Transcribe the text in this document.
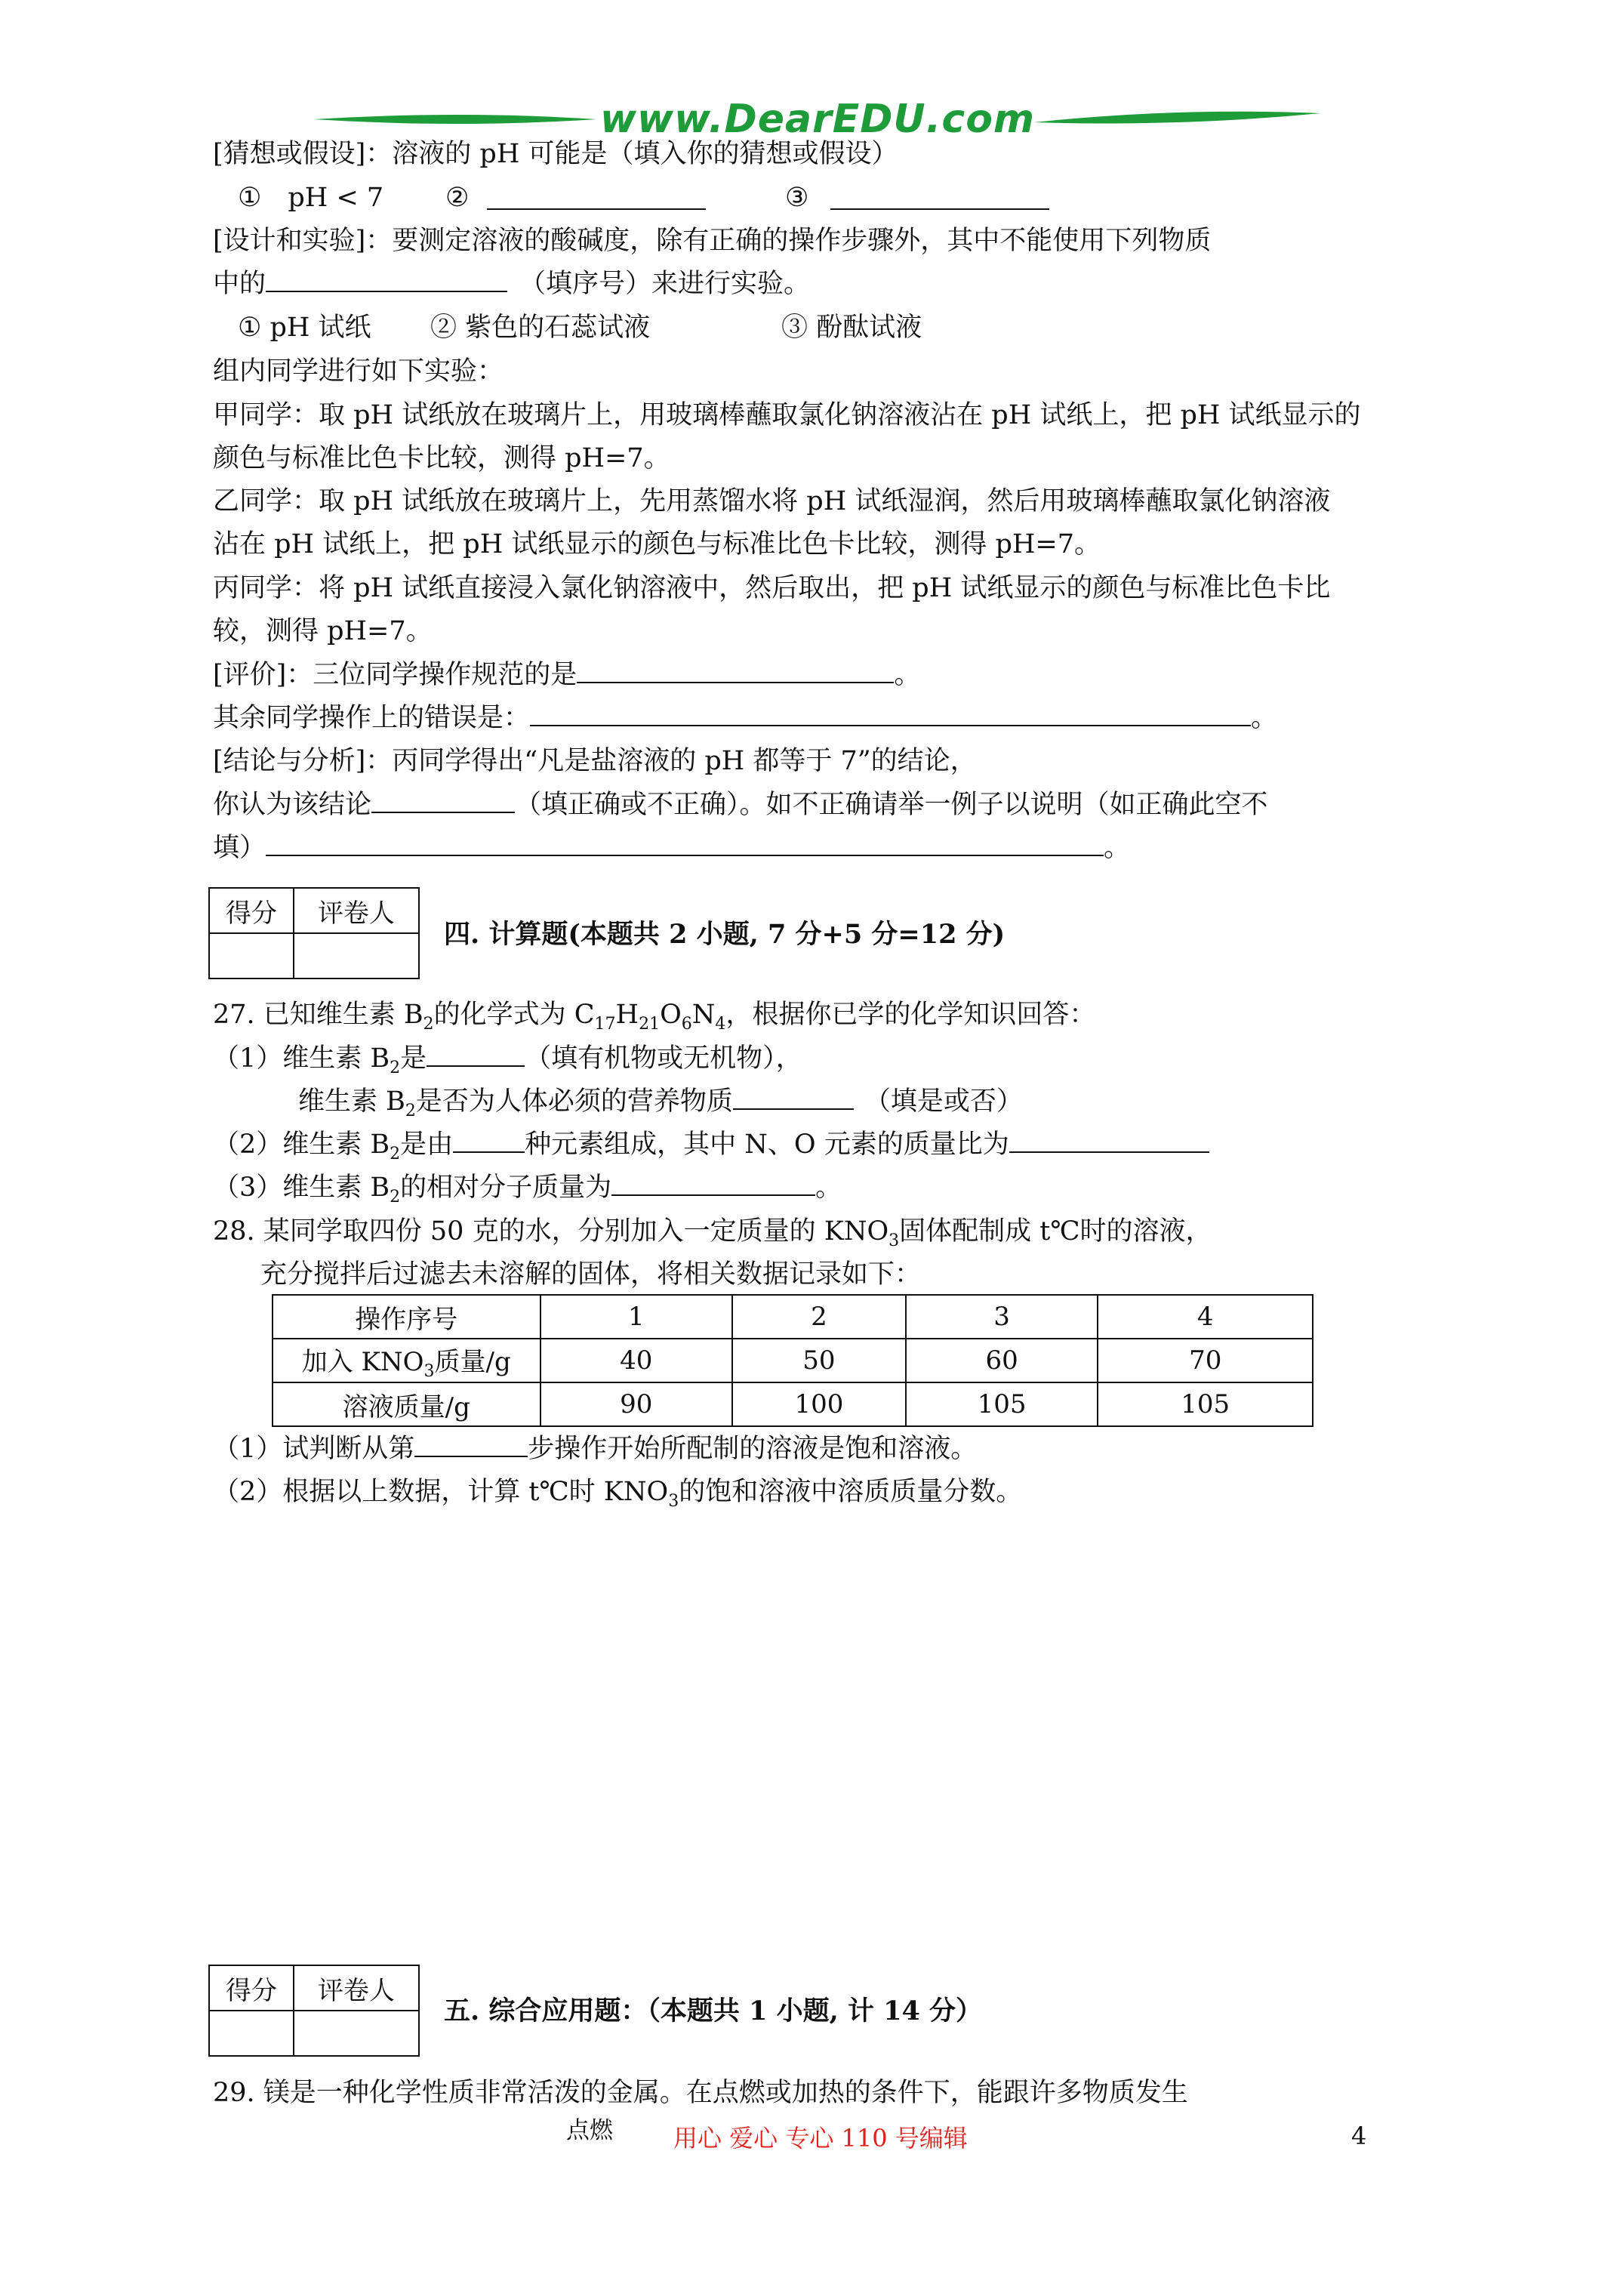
www.DearEDU.com
[猜想或假设]：溶液的 pH 可能是（填入你的猜想或假设）
①　pH < 7 ②	③
[设计和实验]：要测定溶液的酸碱度，除有正确的操作步骤外，其中不能使用下列物质
中的	（填序号）来进行实验。
① pH 试纸 ② 紫色的石蕊试液	③ 酚酞试液
组内同学进行如下实验：
甲同学：取 pH 试纸放在玻璃片上，用玻璃棒蘸取氯化钠溶液沾在 pH 试纸上，把 pH 试纸显示的
颜色与标准比色卡比较，测得 pH=7。
乙同学：取 pH 试纸放在玻璃片上，先用蒸馏水将 pH 试纸湿润，然后用玻璃棒蘸取氯化钠溶液
沾在 pH 试纸上，把 pH 试纸显示的颜色与标准比色卡比较，测得 pH=7。
丙同学：将 pH 试纸直接浸入氯化钠溶液中，然后取出，把 pH 试纸显示的颜色与标准比色卡比
较，测得 pH=7。
[评价]：三位同学操作规范的是	。
其余同学操作上的错误是：	。
[结论与分析]：丙同学得出“凡是盐溶液的 pH 都等于 7”的结论，
你认为该结论	（填正确或不正确）。如不正确请举一例子以说明（如正确此空不
填）	。
得分	评卷人

四. 计算题(本题共 2 小题, 7 分+5 分=12 分)
27. 已知维生素 $B_2$的化学式为 $C_{17}H_{21}O_6N_4$，根据你已学的化学知识回答：
（1）维生素 $B_2$是	（填有机物或无机物），
维生素 $B_2$是否为人体必须的营养物质	（填是或否）
（2）维生素 $B_2$是由	种元素组成，其中 N、O 元素的质量比为
（3）维生素 $B_2$的相对分子质量为	。
28. 某同学取四份 50 克的水，分别加入一定质量的 $KNO_3$固体配制成 t℃时的溶液，
充分搅拌后过滤去未溶解的固体，将相关数据记录如下：
操作序号	1	2	3	4
加入 $KNO_3$质量/g	40	50	60	70
溶液质量/g	90	100	105	105
（1）试判断从第	步操作开始所配制的溶液是饱和溶液。
（2）根据以上数据，计算 t℃时 $KNO_3$的饱和溶液中溶质质量分数。
得分	评卷人

五. 综合应用题：（本题共 1 小题, 计 14 分）
29. 镁是一种化学性质非常活泼的金属。在点燃或加热的条件下，能跟许多物质发生
点燃	用心 爱心 专心 110 号编辑	4
